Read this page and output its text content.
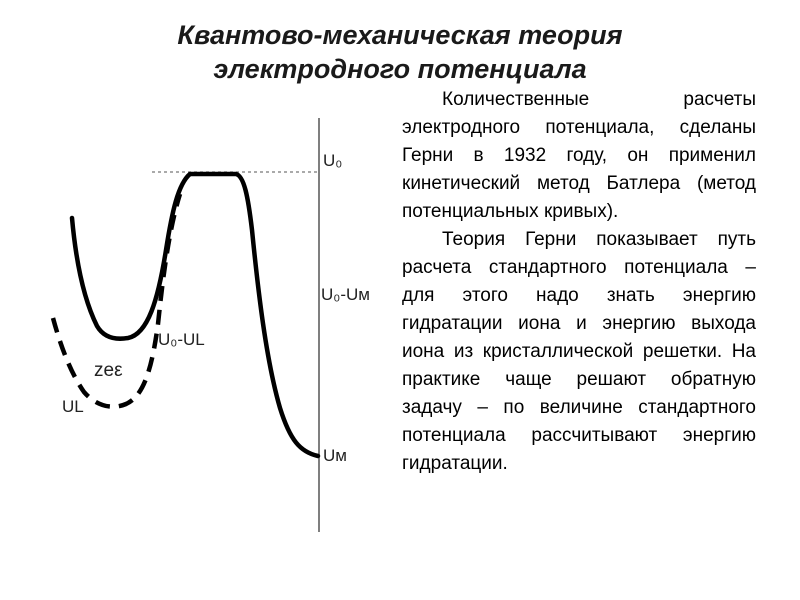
Квантово-механическая теория
электродного потенциала
U₀
U₀-Uм
Uм
U₀-UL
UL
zeε

Количественные расчеты электродного потенциала, сделаны Герни в 1932 году, он применил кинетический метод Батлера (метод потенциальных кривых).

Теория Герни показывает путь расчета стандартного потенциала – для этого надо знать энергию гидратации иона и энергию выхода иона из кристаллической решетки. На практике чаще решают обратную задачу – по величине стандартного потенциала рассчитывают энергию гидратации.
